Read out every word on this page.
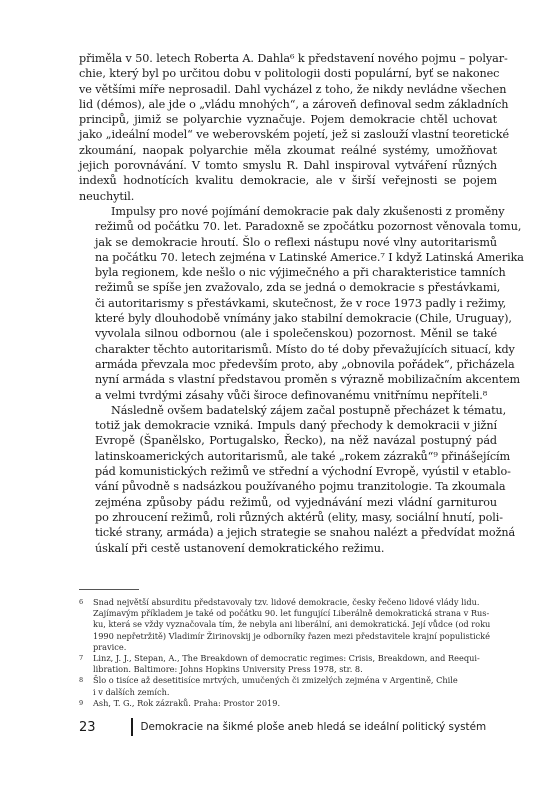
přiměla v 50. letech Roberta A. Dahla⁶ k představení nového pojmu – polyar-
chie, který byl po určitou dobu v politologii dosti populární, byť se nakonec
ve většími míře neprosadil. Dahl vycházel z toho, že nikdy nevládne všechen
lid (démos), ale jde o „vládu mnohých“, a zároveň definoval sedm základních
principů, jimiž se polyarchie vyznačuje. Pojem demokracie chtěl uchovat
jako „ideální model“ ve weberovském pojetí, jež si zaslouží vlastní teoretické
zkoumání, naopak polyarchie měla zkoumat reálné systémy, umožňovat
jejich porovnávání. V tomto smyslu R. Dahl inspiroval vytváření různých
indexů hodnotících kvalitu demokracie, ale v širší veřejnosti se pojem
neuchytil.
Impulsy pro nové pojímání demokracie pak daly zkušenosti z proměny
režimů od počátku 70. let. Paradoxně se zpočátku pozornost věnovala tomu,
jak se demokracie hroutí. Šlo o reflexi nástupu nové vlny autoritarismů
na počátku 70. letech zejména v Latinské Americe.⁷ I když Latinská Amerika
byla regionem, kde nešlo o nic výjimečného a při charakteristice tamních
režimů se spíše jen zvažovalo, zda se jedná o demokracie s přestávkami,
či autoritarismy s přestávkami, skutečnost, že v roce 1973 padly i režimy,
které byly dlouhodobě vnímány jako stabilní demokracie (Chile, Uruguay),
vyvolala silnou odbornou (ale i společenskou) pozornost. Měnil se také
charakter těchto autoritarismů. Místo do té doby převažujících situací, kdy
armáda převzala moc především proto, aby „obnovila pořádek“, přicházela
nyní armáda s vlastní představou proměn s výrazně mobilizačním akcentem
a velmi tvrdými zásahy vůči široce definovanému vnitřnímu nepříteli.⁸
Následně ovšem badatelský zájem začal postupně přecházet k tématu,
totiž jak demokracie vzniká. Impuls daný přechody k demokracii v jižní
Evropě (Španělsko, Portugalsko, Řecko), na něž navázal postupný pád
latinskoamerických autoritarismů, ale také „rokem zázraků“⁹ přinášejícím
pád komunistických režimů ve střední a východní Evropě, vyústil v etablo-
vání původně s nadsázkou používaného pojmu tranzitologie. Ta zkoumala
zejména způsoby pádu režimů, od vyjednávání mezi vládní garniturou
po zhroucení režimů, roli různých aktérů (elity, masy, sociální hnutí, poli-
tické strany, armáda) a jejich strategie se snahou nalézt a předvídat možná
úskalí při cestě ustanovení demokratického režimu.
6	Snad největší absurditu představovaly tzv. lidové demokracie, česky řečeno lidové vlády lidu.
Zajímavým příkladem je také od počátku 90. let fungující Liberálně demokratická strana v Rus-
ku, která se vždy vyznačovala tím, že nebyla ani liberální, ani demokratická. Její vůdce (od roku
1990 nepřetržitě) Vladimír Žirinovskij je odborníky řazen mezi představitele krajní populistické
pravice.
7	Linz, J. J., Stepan, A., The Breakdown of democratic regimes: Crisis, Breakdown, and Reequi-
libration. Baltimore: Johns Hopkins University Press 1978, str. 8.
8	Šlo o tisíce až desetitisíce mrtvých, umučených či zmizelých zejména v Argentině, Chile
i v dalších zemích.
9	Ash, T. G., Rok zázraků. Praha: Prostor 2019.
23	Demokracie na šikmé ploše aneb hledá se ideální politický systém
